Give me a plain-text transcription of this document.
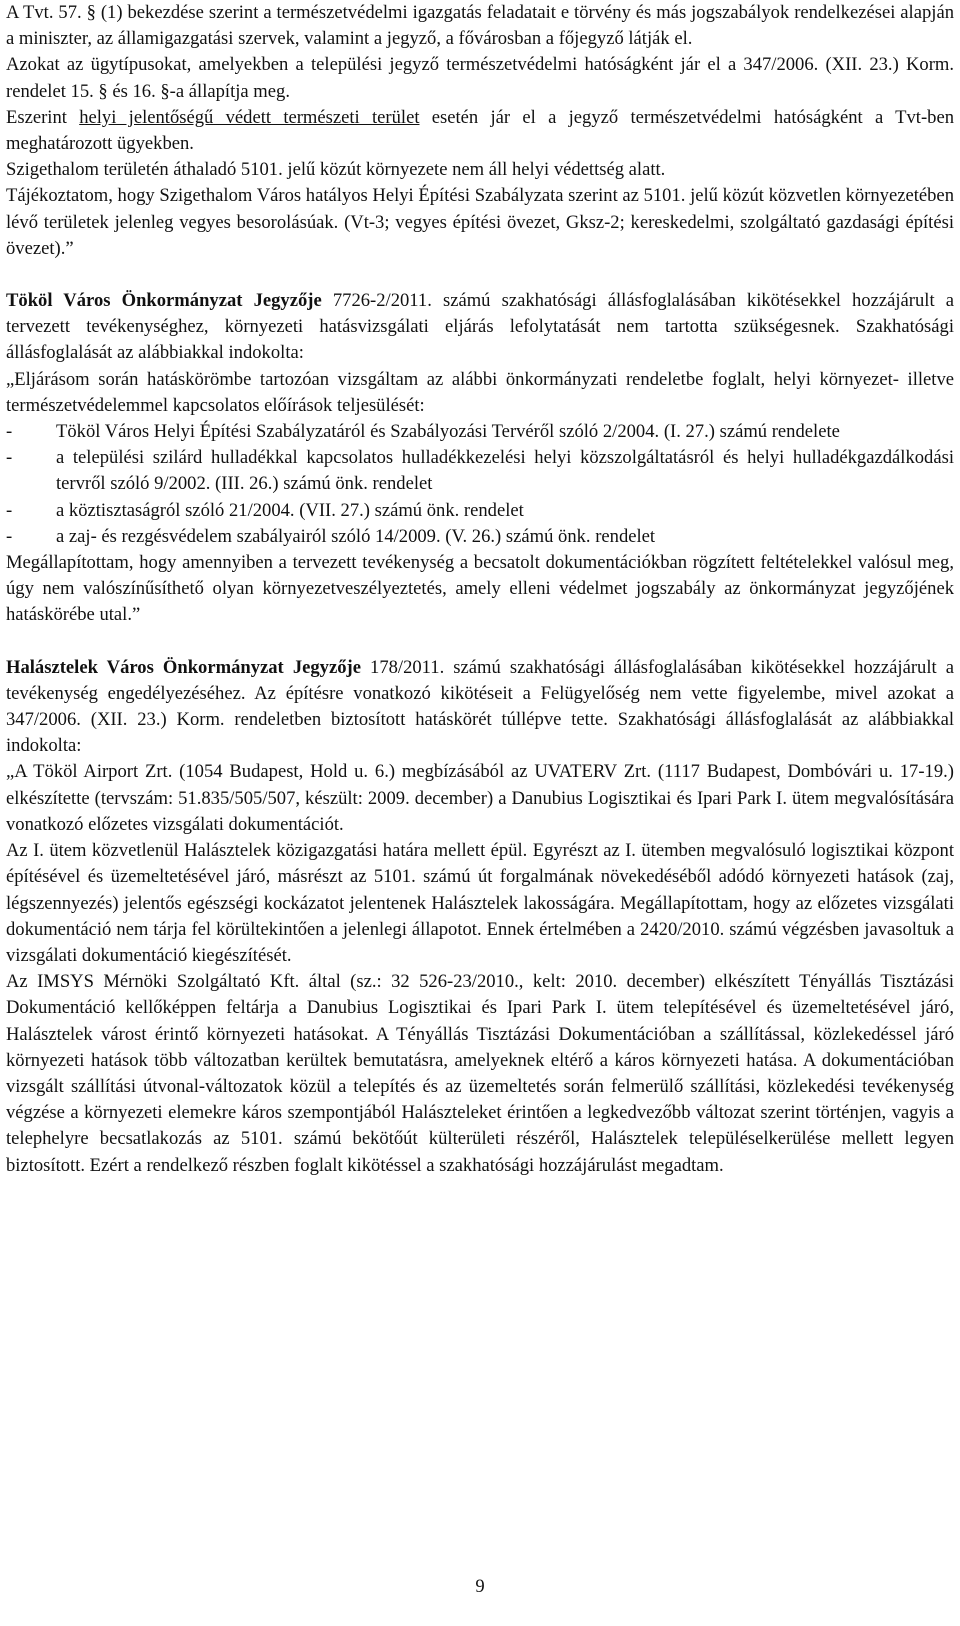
A Tvt. 57. § (1) bekezdése szerint a természetvédelmi igazgatás feladatait e törvény és más jogszabályok rendelkezései alapján a miniszter, az államigazgatási szervek, valamint a jegyző, a fővárosban a főjegyző látják el.

Azokat az ügytípusokat, amelyekben a települési jegyző természetvédelmi hatóságként jár el a 347/2006. (XII. 23.) Korm. rendelet 15. § és 16. §-a állapítja meg.

Eszerint helyi jelentőségű védett természeti terület esetén jár el a jegyző természetvédelmi hatóságként a Tvt-ben meghatározott ügyekben.

Szigethalom területén áthaladó 5101. jelű közút környezete nem áll helyi védettség alatt.

Tájékoztatom, hogy Szigethalom Város hatályos Helyi Építési Szabályzata szerint az 5101. jelű közút közvetlen környezetében lévő területek jelenleg vegyes besorolásúak. (Vt-3; vegyes építési övezet, Gksz-2; kereskedelmi, szolgáltató gazdasági építési övezet).”

Tököl Város Önkormányzat Jegyzője 7726-2/2011. számú szakhatósági állásfoglalásában kikötésekkel hozzájárult a tervezett tevékenységhez, környezeti hatásvizsgálati eljárás lefolytatását nem tartotta szükségesnek. Szakhatósági állásfoglalását az alábbiakkal indokolta:

„Eljárásom során hatáskörömbe tartozóan vizsgáltam az alábbi önkormányzati rendeletbe foglalt, helyi környezet- illetve természetvédelemmel kapcsolatos előírások teljesülését:

- Tököl Város Helyi Építési Szabályzatáról és Szabályozási Tervéről szóló 2/2004. (I. 27.) számú rendelete
- a települési szilárd hulladékkal kapcsolatos hulladékkezelési helyi közszolgáltatásról és helyi hulladékgazdálkodási tervről szóló 9/2002. (III. 26.) számú önk. rendelet
- a köztisztaságról szóló 21/2004. (VII. 27.) számú önk. rendelet
- a zaj- és rezgésvédelem szabályairól szóló 14/2009. (V. 26.) számú önk. rendelet

Megállapítottam, hogy amennyiben a tervezett tevékenység a becsatolt dokumentációkban rögzített feltételekkel valósul meg, úgy nem valószínűsíthető olyan környezetveszélyeztetés, amely elleni védelmet jogszabály az önkormányzat jegyzőjének hatáskörébe utal.”

Halásztelek Város Önkormányzat Jegyzője 178/2011. számú szakhatósági állásfoglalásában kikötésekkel hozzájárult a tevékenység engedélyezéséhez. Az építésre vonatkozó kikötéseit a Felügyelőség nem vette figyelembe, mivel azokat a 347/2006. (XII. 23.) Korm. rendeletben biztosított hatáskörét túllépve tette. Szakhatósági állásfoglalását az alábbiakkal indokolta:

„A Tököl Airport Zrt. (1054 Budapest, Hold u. 6.) megbízásából az UVATERV Zrt. (1117 Budapest, Dombóvári u. 17-19.) elkészítette (tervszám: 51.835/505/507, készült: 2009. december) a Danubius Logisztikai és Ipari Park I. ütem megvalósítására vonatkozó előzetes vizsgálati dokumentációt.

Az I. ütem közvetlenül Halásztelek közigazgatási határa mellett épül. Egyrészt az I. ütemben megvalósuló logisztikai központ építésével és üzemeltetésével járó, másrészt az 5101. számú út forgalmának növekedéséből adódó környezeti hatások (zaj, légszennyezés) jelentős egészségi kockázatot jelentenek Halásztelek lakosságára. Megállapítottam, hogy az előzetes vizsgálati dokumentáció nem tárja fel körültekintően a jelenlegi állapotot. Ennek értelmében a 2420/2010. számú végzésben javasoltuk a vizsgálati dokumentáció kiegészítését.

Az IMSYS Mérnöki Szolgáltató Kft. által (sz.: 32 526-23/2010., kelt: 2010. december) elkészített Tényállás Tisztázási Dokumentáció kellőképpen feltárja a Danubius Logisztikai és Ipari Park I. ütem telepítésével és üzemeltetésével járó, Halásztelek várost érintő környezeti hatásokat. A Tényállás Tisztázási Dokumentációban a szállítással, közlekedéssel járó környezeti hatások több változatban kerültek bemutatásra, amelyeknek eltérő a káros környezeti hatása. A dokumentációban vizsgált szállítási útvonal-változatok közül a telepítés és az üzemeltetés során felmerülő szállítási, közlekedési tevékenység végzése a környezeti elemekre káros szempontjából Halászteleket érintően a legkedvezőbb változat szerint történjen, vagyis a telephelyre becsatlakozás az 5101. számú bekötőút külterületi részéről, Halásztelek településelkerülése mellett legyen biztosított. Ezért a rendelkező részben foglalt kikötéssel a szakhatósági hozzájárulást megadtam.

9
